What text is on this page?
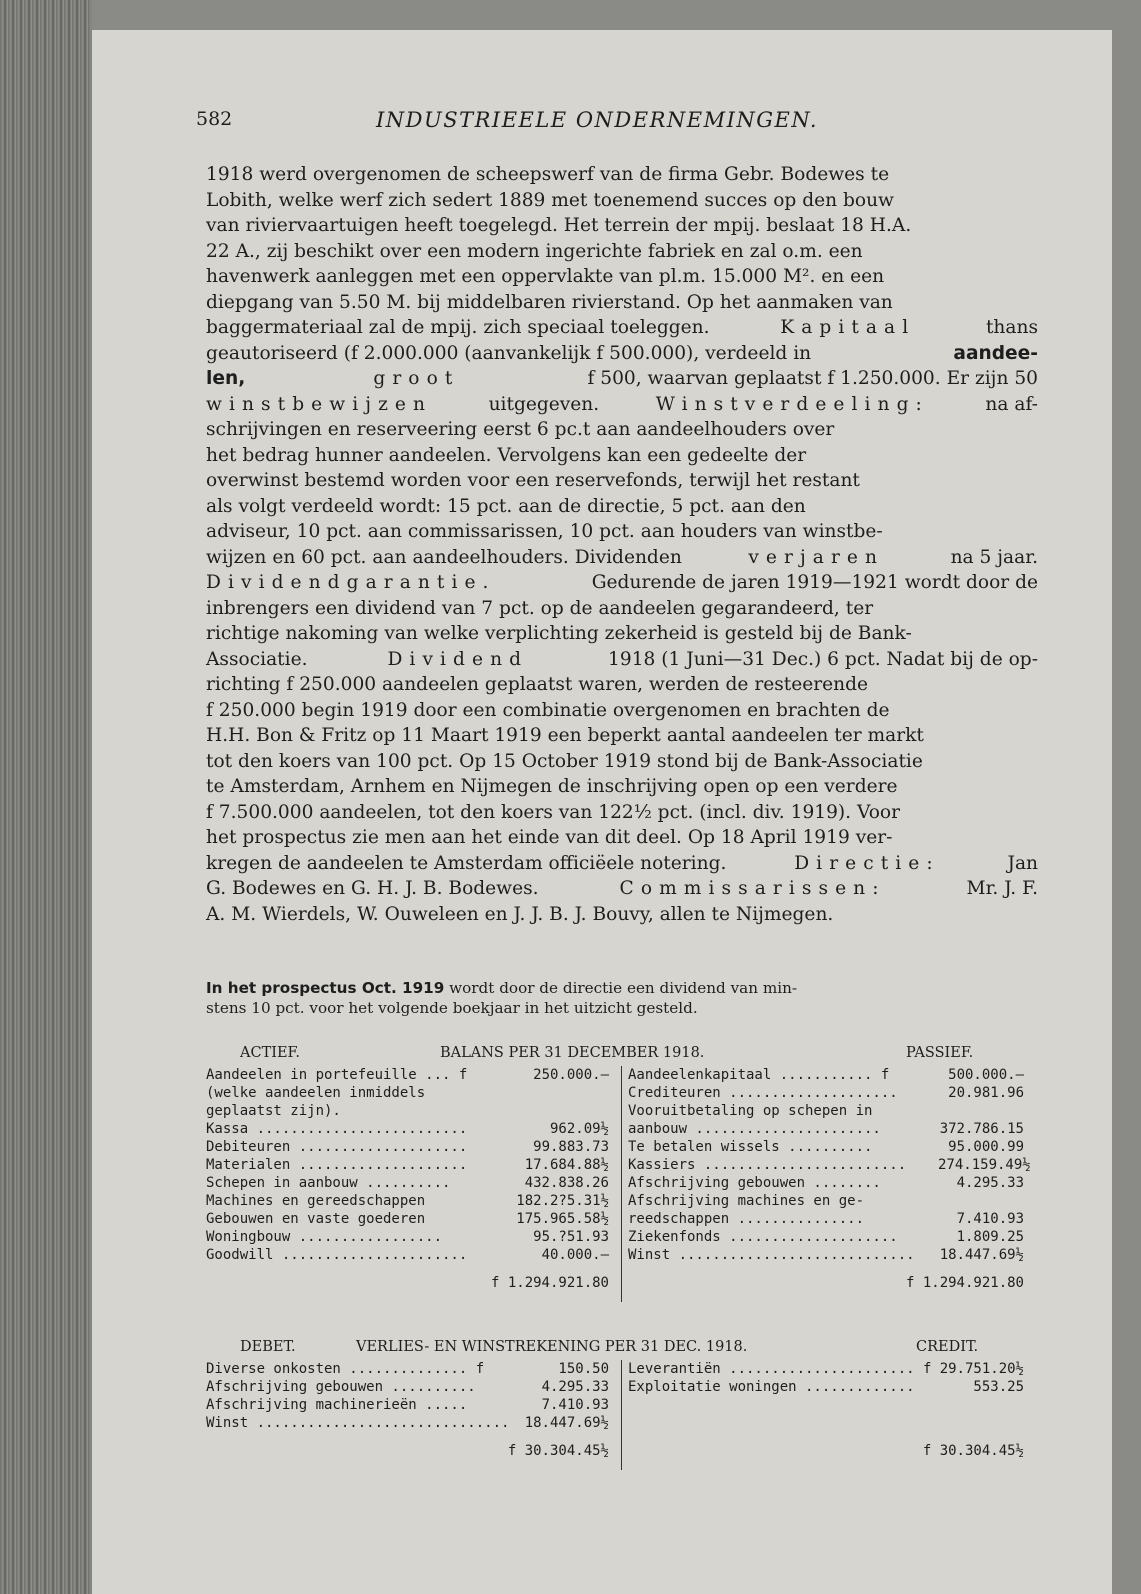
582	INDUSTRIEELE ONDERNEMINGEN.
1918 werd overgenomen de scheepswerf van de firma Gebr. Bodewes te
Lobith, welke werf zich sedert 1889 met toenemend succes op den bouw
van riviervaartuigen heeft toegelegd. Het terrein der mpij. beslaat 18 H.A.
22 A., zij beschikt over een modern ingerichte fabriek en zal o.m. een
havenwerk aanleggen met een oppervlakte van pl.m. 15.000 M². en een
diepgang van 5.50 M. bij middelbaren rivierstand. Op het aanmaken van
baggermateriaal zal de mpij. zich speciaal toeleggen.	Kapitaal	thans
geautoriseerd (f 2.000.000 (aanvankelijk f 500.000), verdeeld in	aandee-
len,	groot	f 500, waarvan geplaatst f 1.250.000. Er zijn 50
winstbewijzen	uitgegeven.	Winstverdeeling:	na af-
schrijvingen en reserveering eerst 6 pc.t aan aandeelhouders over
het bedrag hunner aandeelen. Vervolgens kan een gedeelte der
overwinst bestemd worden voor een reservefonds, terwijl het restant
als volgt verdeeld wordt: 15 pct. aan de directie, 5 pct. aan den
adviseur, 10 pct. aan commissarissen, 10 pct. aan houders van winstbe-
wijzen en 60 pct. aan aandeelhouders. Dividenden	verjaren	na 5 jaar.
Dividendgarantie.	Gedurende de jaren 1919—1921 wordt door de
inbrengers een dividend van 7 pct. op de aandeelen gegarandeerd, ter
richtige nakoming van welke verplichting zekerheid is gesteld bij de Bank-
Associatie.	Dividend	1918 (1 Juni—31 Dec.) 6 pct. Nadat bij de op-
richting f 250.000 aandeelen geplaatst waren, werden de resteerende
f 250.000 begin 1919 door een combinatie overgenomen en brachten de
H.H. Bon & Fritz op 11 Maart 1919 een beperkt aantal aandeelen ter markt
tot den koers van 100 pct. Op 15 October 1919 stond bij de Bank-Associatie
te Amsterdam, Arnhem en Nijmegen de inschrijving open op een verdere
f 7.500.000 aandeelen, tot den koers van 122½ pct. (incl. div. 1919). Voor
het prospectus zie men aan het einde van dit deel. Op 18 April 1919 ver-
kregen de aandeelen te Amsterdam officiëele notering.	Directie:	Jan
G. Bodewes en G. H. J. B. Bodewes.	Commissarissen:	Mr. J. F.
A. M. Wierdels, W. Ouweleen en J. J. B. J. Bouvy, allen te Nijmegen.
In het prospectus Oct. 1919 wordt door de directie een dividend van min-
stens 10 pct. voor het volgende boekjaar in het uitzicht gesteld.
ACTIEF.	BALANS PER 31 DECEMBER 1918.	PASSIEF.
Aandeelen in portefeuille ... f	250.000.—
(welke aandeelen inmiddels
geplaatst zijn).
Kassa .........................	962.09½
Debiteuren ....................	99.883.73
Materialen ....................	17.684.88½
Schepen in aanbouw ..........	432.838.26
Machines en gereedschappen	182.2?5.31½
Gebouwen en vaste goederen	175.965.58½
Woningbouw .................	95.?51.93
Goodwill ......................	40.000.—
f 1.294.921.80
Aandeelenkapitaal ........... f	500.000.—
Crediteuren ....................	20.981.96
Vooruitbetaling op schepen in
aanbouw ......................	372.786.15
Te betalen wissels ..........	95.000.99
Kassiers ........................	274.159.49½
Afschrijving gebouwen ........	4.295.33
Afschrijving machines en ge-
reedschappen ...............	7.410.93
Ziekenfonds ....................	1.809.25
Winst ............................	18.447.69½
f 1.294.921.80
DEBET.	VERLIES- EN WINSTREKENING PER 31 DEC. 1918.	CREDIT.
Diverse onkosten .............. f	150.50
Afschrijving gebouwen ..........	4.295.33
Afschrijving machinerieën .....	7.410.93
Winst ..............................	18.447.69½
f 30.304.45½
Leverantiën ...................... f 29.751.20½
Exploitatie woningen .............	553.25
f 30.304.45½
